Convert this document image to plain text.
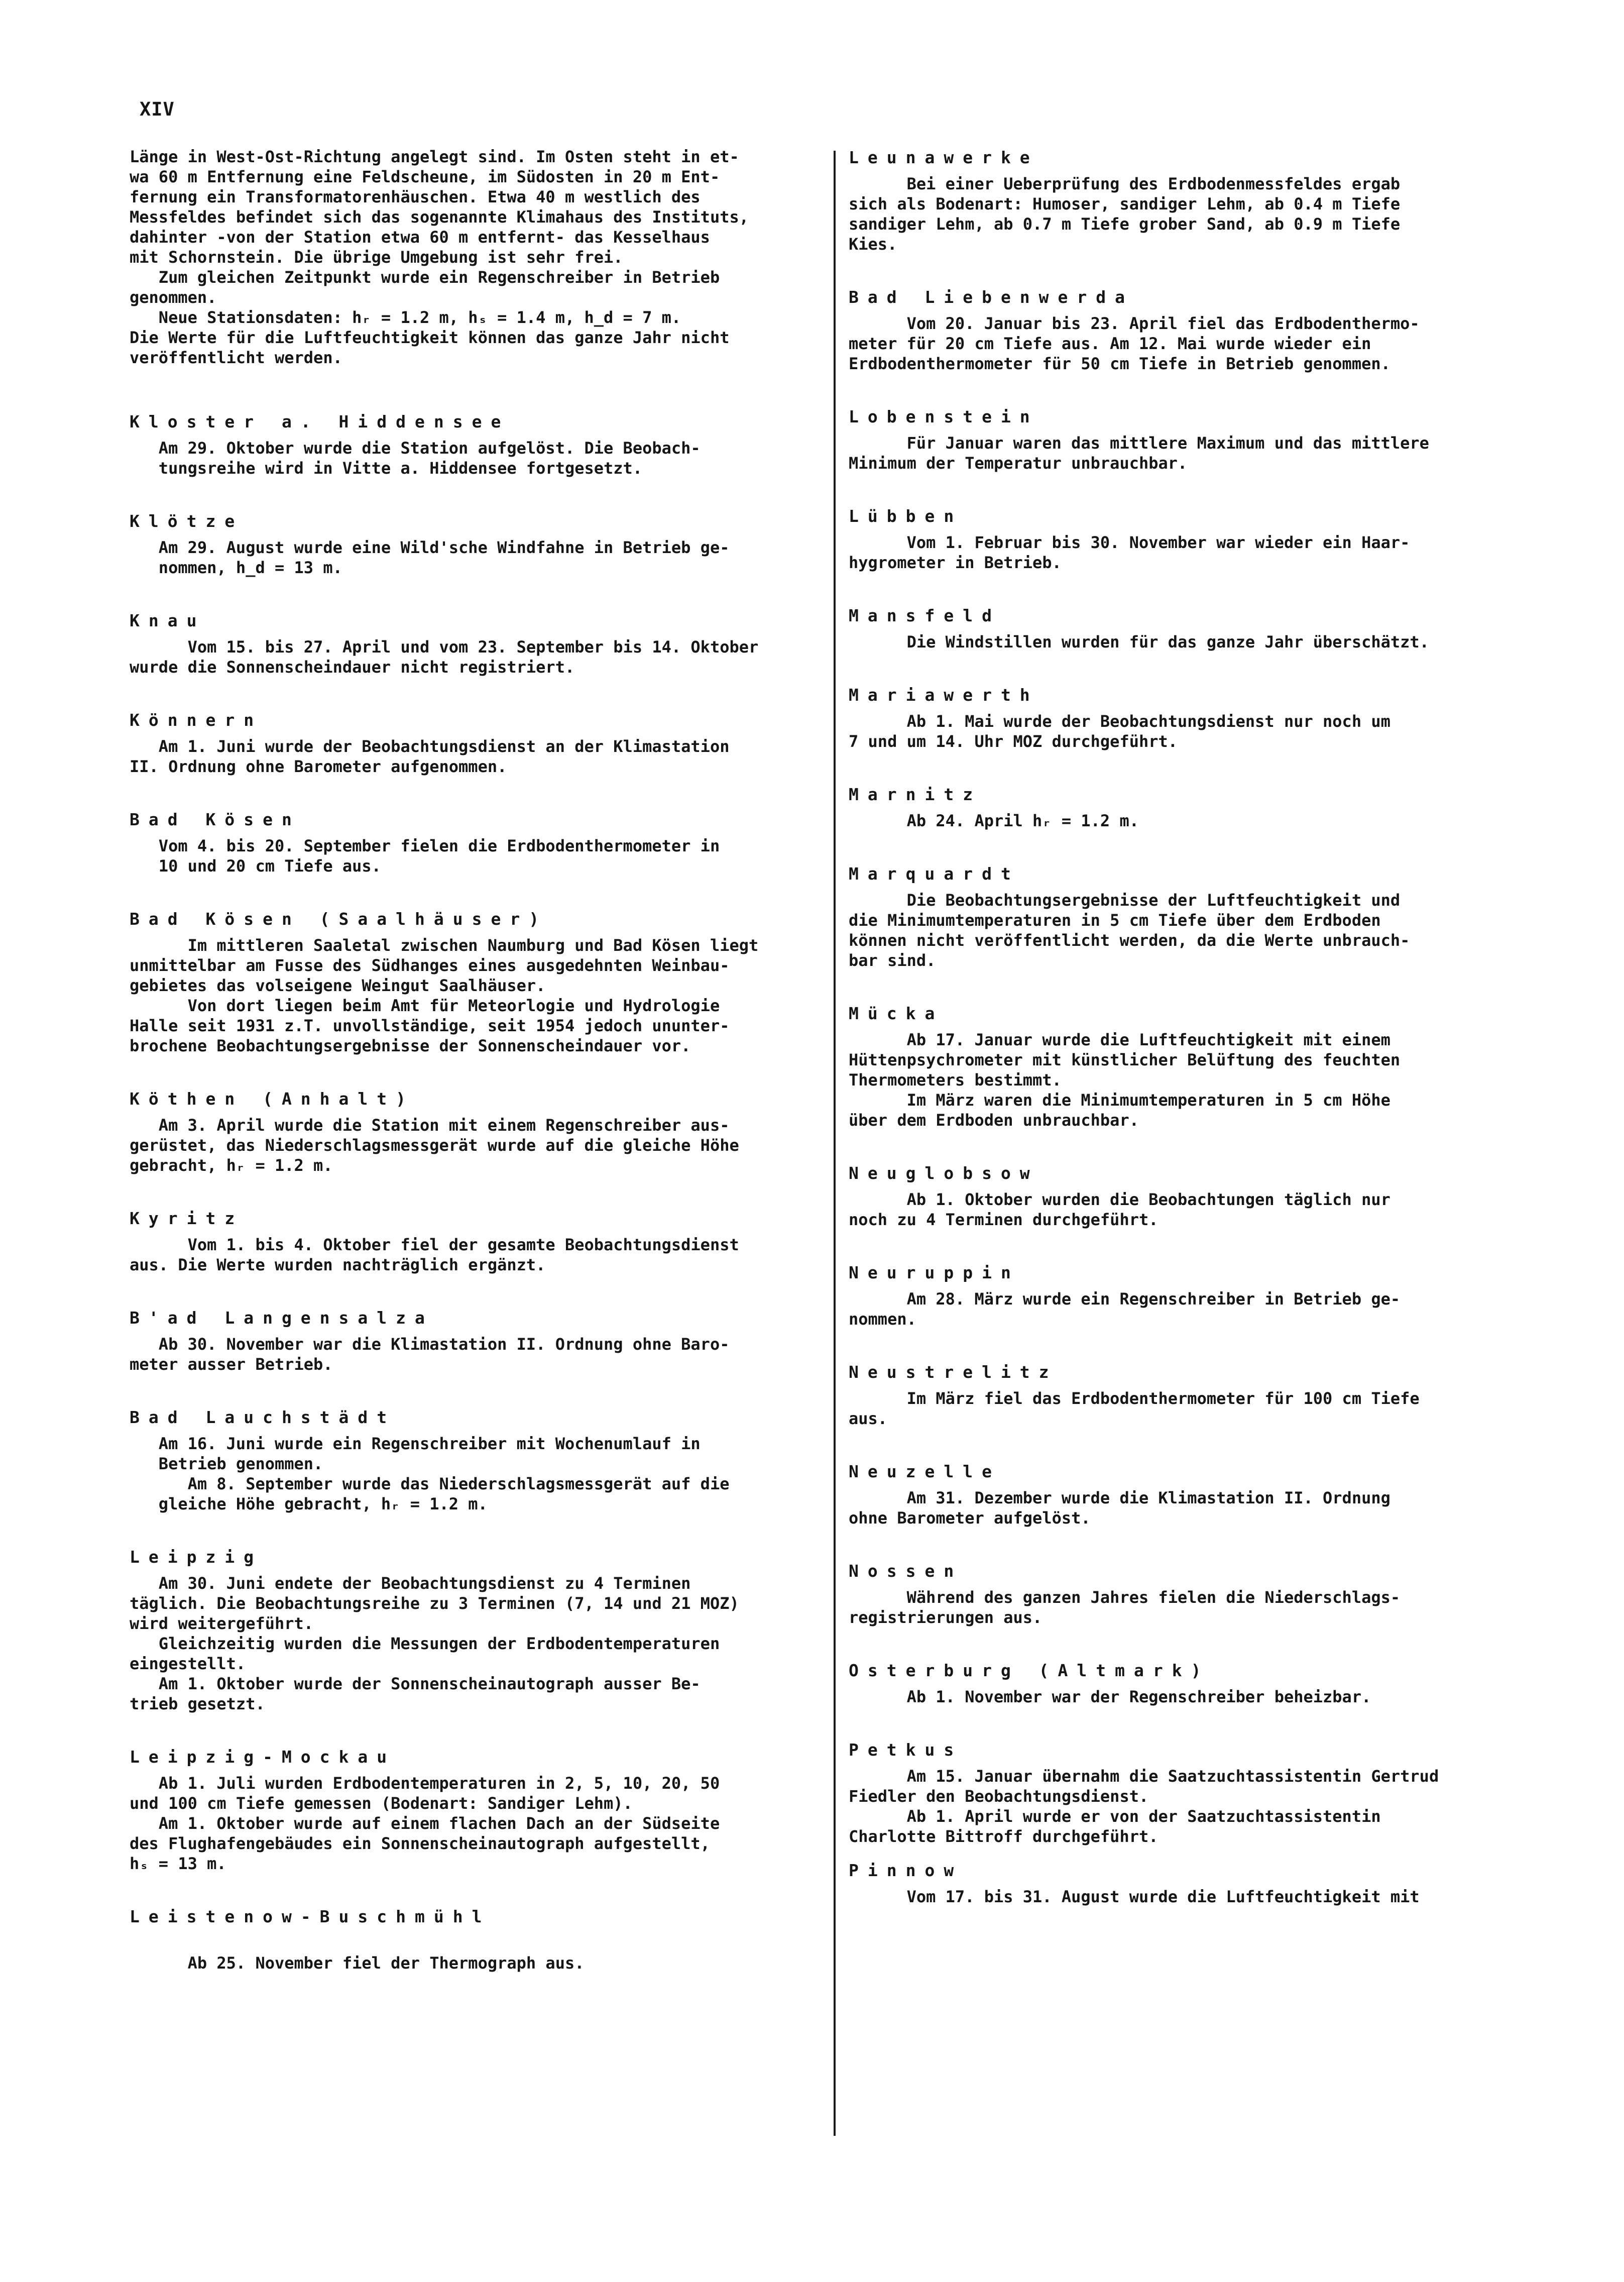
XIV
Länge in West-Ost-Richtung angelegt sind. Im Osten steht in et-
wa 60 m Entfernung eine Feldscheune, im Südosten in 20 m Ent-
fernung ein Transformatorenhäuschen. Etwa 40 m westlich des
Messfeldes befindet sich das sogenannte Klimahaus des Instituts,
dahinter -von der Station etwa 60 m entfernt- das Kesselhaus
mit Schornstein. Die übrige Umgebung ist sehr frei.
Zum gleichen Zeitpunkt wurde ein Regenschreiber in Betrieb
genommen.
Neue Stationsdaten: hᵣ = 1.2 m, hₛ = 1.4 m, h_d = 7 m.
Die Werte für die Luftfeuchtigkeit können das ganze Jahr nicht
veröffentlicht werden.
Kloster a. Hiddensee
Am 29. Oktober wurde die Station aufgelöst. Die Beobach-
tungsreihe wird in Vitte a. Hiddensee fortgesetzt.
Klötze
Am 29. August wurde eine Wild'sche Windfahne in Betrieb ge-
nommen, h_d = 13 m.
Knau
Vom 15. bis 27. April und vom 23. September bis 14. Oktober
wurde die Sonnenscheindauer nicht registriert.
Könnern
Am 1. Juni wurde der Beobachtungsdienst an der Klimastation
II. Ordnung ohne Barometer aufgenommen.
Bad Kösen
Vom 4. bis 20. September fielen die Erdbodenthermometer in
10 und 20 cm Tiefe aus.
Bad Kösen (Saalhäuser)
Im mittleren Saaletal zwischen Naumburg und Bad Kösen liegt
unmittelbar am Fusse des Südhanges eines ausgedehnten Weinbau-
gebietes das volseigene Weingut Saalhäuser.
Von dort liegen beim Amt für Meteorlogie und Hydrologie
Halle seit 1931 z.T. unvollständige, seit 1954 jedoch ununter-
brochene Beobachtungsergebnisse der Sonnenscheindauer vor.
Köthen (Anhalt)
Am 3. April wurde die Station mit einem Regenschreiber aus-
gerüstet, das Niederschlagsmessgerät wurde auf die gleiche Höhe
gebracht, hᵣ = 1.2 m.
Kyritz
Vom 1. bis 4. Oktober fiel der gesamte Beobachtungsdienst
aus. Die Werte wurden nachträglich ergänzt.
B'ad Langensalza
Ab 30. November war die Klimastation II. Ordnung ohne Baro-
meter ausser Betrieb.
Bad Lauchstädt
Am 16. Juni wurde ein Regenschreiber mit Wochenumlauf in
Betrieb genommen.
Am 8. September wurde das Niederschlagsmessgerät auf die
gleiche Höhe gebracht, hᵣ = 1.2 m.
Leipzig
Am 30. Juni endete der Beobachtungsdienst zu 4 Terminen
täglich. Die Beobachtungsreihe zu 3 Terminen (7, 14 und 21 MOZ)
wird weitergeführt.
Gleichzeitig wurden die Messungen der Erdbodentemperaturen
eingestellt.
Am 1. Oktober wurde der Sonnenscheinautograph ausser Be-
trieb gesetzt.
Leipzig-Mockau
Ab 1. Juli wurden Erdbodentemperaturen in 2, 5, 10, 20, 50
und 100 cm Tiefe gemessen (Bodenart: Sandiger Lehm).
Am 1. Oktober wurde auf einem flachen Dach an der Südseite
des Flughafengebäudes ein Sonnenscheinautograph aufgestellt,
hₛ = 13 m.
Leistenow-Buschmühl

Ab 25. November fiel der Thermograph aus.
Leunawerke
Bei einer Ueberprüfung des Erdbodenmessfeldes ergab
sich als Bodenart: Humoser, sandiger Lehm, ab 0.4 m Tiefe
sandiger Lehm, ab 0.7 m Tiefe grober Sand, ab 0.9 m Tiefe
Kies.
Bad Liebenwerda
Vom 20. Januar bis 23. April fiel das Erdbodenthermo-
meter für 20 cm Tiefe aus. Am 12. Mai wurde wieder ein
Erdbodenthermometer für 50 cm Tiefe in Betrieb genommen.
Lobenstein
Für Januar waren das mittlere Maximum und das mittlere
Minimum der Temperatur unbrauchbar.
Lübben
Vom 1. Februar bis 30. November war wieder ein Haar-
hygrometer in Betrieb.
Mansfeld
Die Windstillen wurden für das ganze Jahr überschätzt.
Mariawerth
Ab 1. Mai wurde der Beobachtungsdienst nur noch um
7 und um 14. Uhr MOZ durchgeführt.
Marnitz
Ab 24. April hᵣ = 1.2 m.
Marquardt
Die Beobachtungsergebnisse der Luftfeuchtigkeit und
die Minimumtemperaturen in 5 cm Tiefe über dem Erdboden
können nicht veröffentlicht werden, da die Werte unbrauch-
bar sind.
Mücka
Ab 17. Januar wurde die Luftfeuchtigkeit mit einem
Hüttenpsychrometer mit künstlicher Belüftung des feuchten
Thermometers bestimmt.
Im März waren die Minimumtemperaturen in 5 cm Höhe
über dem Erdboden unbrauchbar.
Neuglobsow
Ab 1. Oktober wurden die Beobachtungen täglich nur
noch zu 4 Terminen durchgeführt.
Neuruppin
Am 28. März wurde ein Regenschreiber in Betrieb ge-
nommen.
Neustrelitz
Im März fiel das Erdbodenthermometer für 100 cm Tiefe
aus.
Neuzelle
Am 31. Dezember wurde die Klimastation II. Ordnung
ohne Barometer aufgelöst.
Nossen
Während des ganzen Jahres fielen die Niederschlags-
registrierungen aus.
Osterburg (Altmark)
Ab 1. November war der Regenschreiber beheizbar.
Petkus
Am 15. Januar übernahm die Saatzuchtassistentin Gertrud
Fiedler den Beobachtungsdienst.
Ab 1. April wurde er von der Saatzuchtassistentin
Charlotte Bittroff durchgeführt.
Pinnow
Vom 17. bis 31. August wurde die Luftfeuchtigkeit mit
